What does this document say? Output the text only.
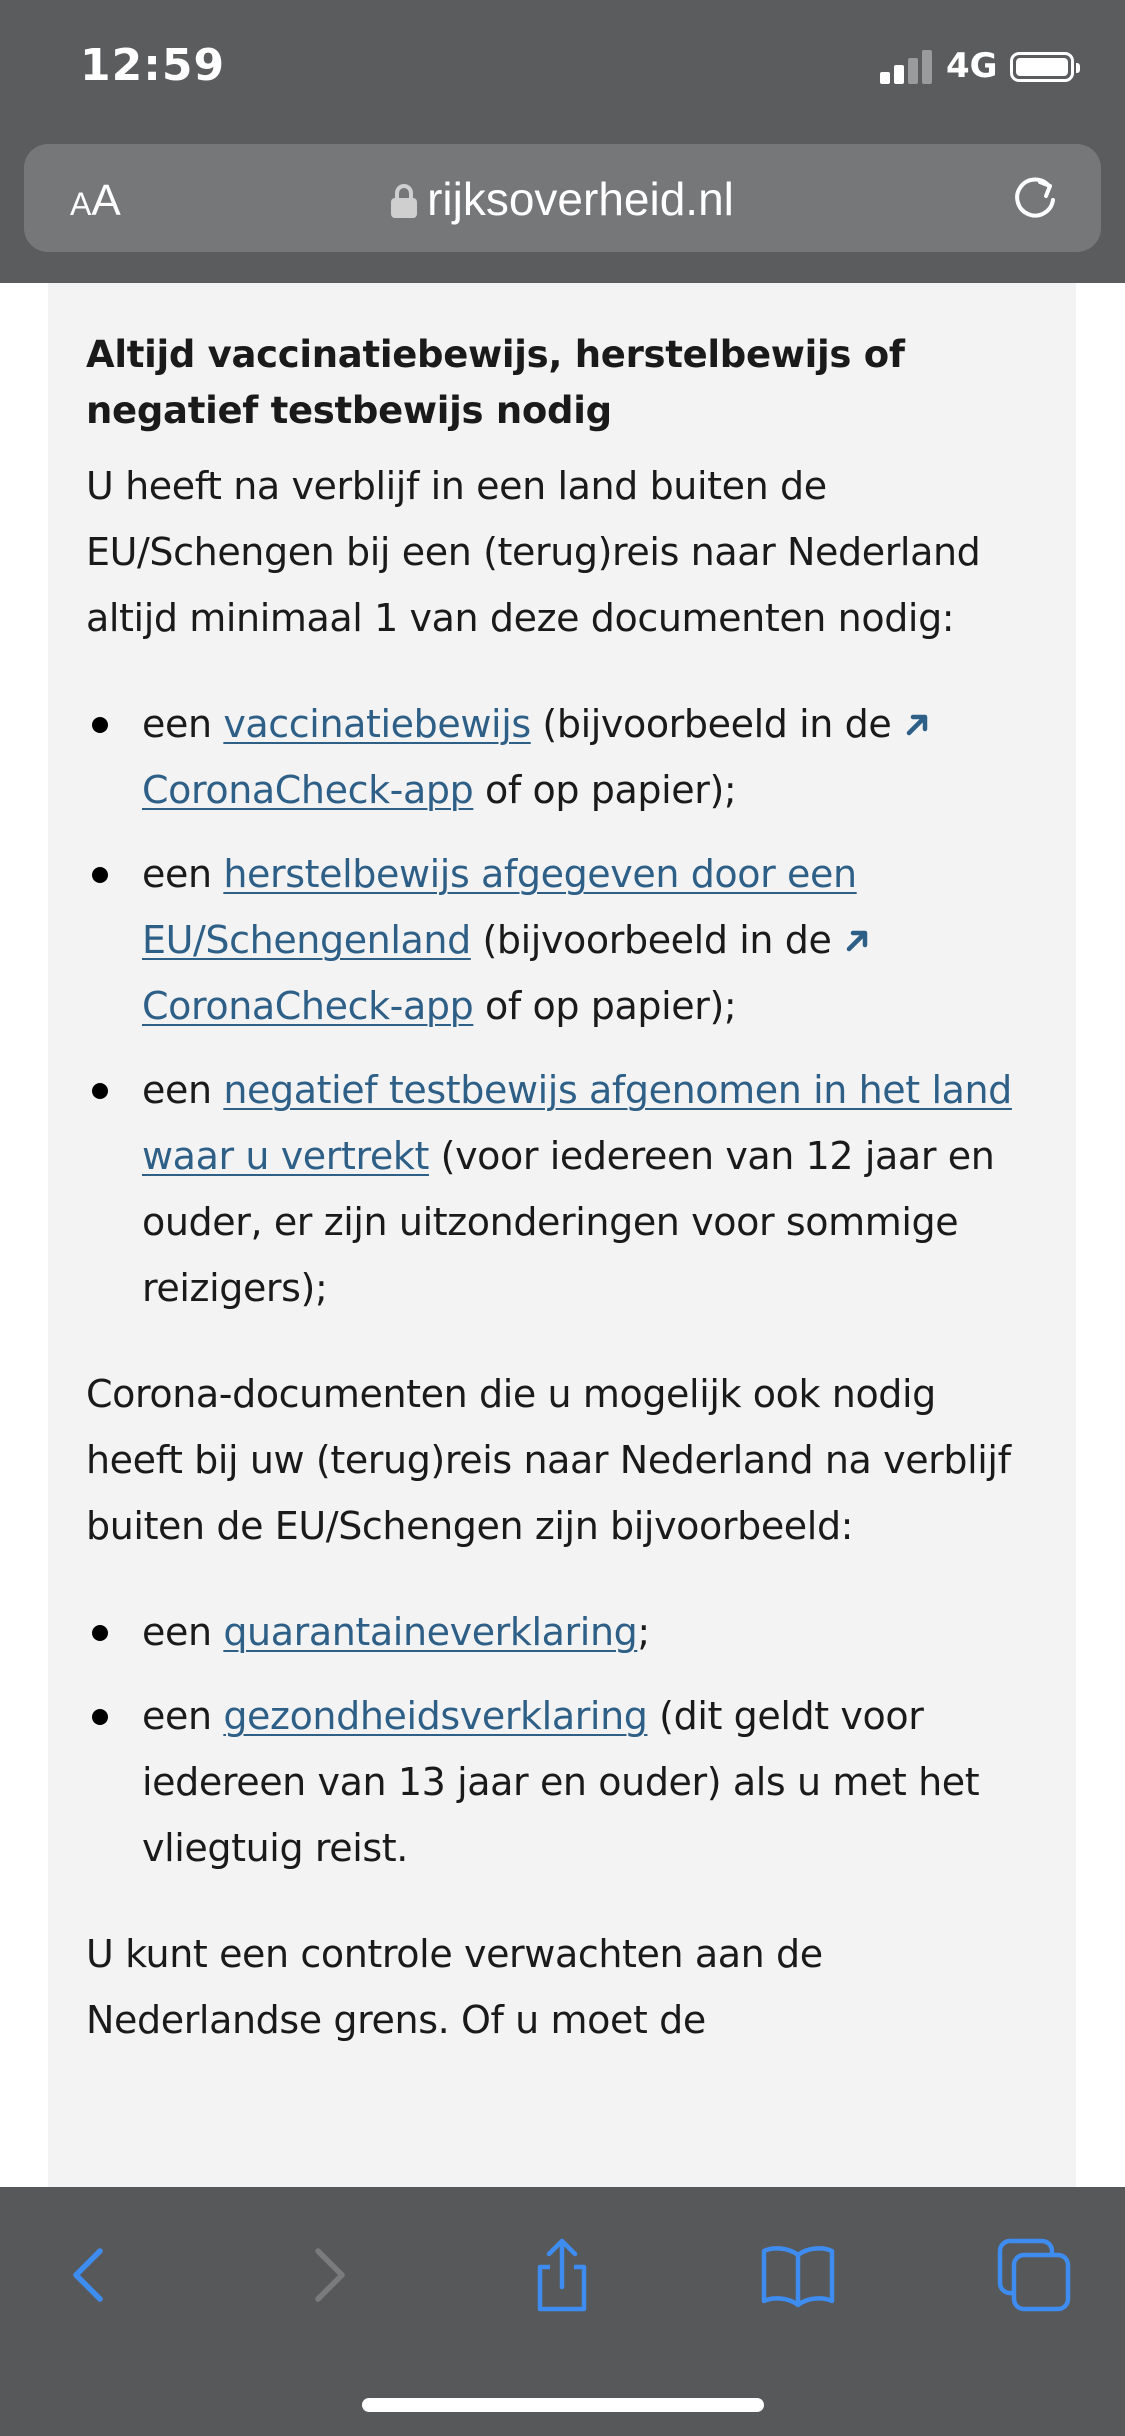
12:59	4G
AA	rijksoverheid.nl
Altijd vaccinatiebewijs, herstelbewijs of negatief testbewijs nodig

U heeft na verblijf in een land buiten de EU/Schengen bij een (terug)reis naar Nederland altijd minimaal 1 van deze documenten nodig:

een vaccinatiebewijs (bijvoorbeeld in de CoronaCheck-app of op papier);
een herstelbewijs afgegeven door een EU/Schengenland (bijvoorbeeld in de CoronaCheck-app of op papier);
een negatief testbewijs afgenomen in het land waar u vertrekt (voor iedereen van 12 jaar en ouder, er zijn uitzonderingen voor sommige reizigers);

Corona-documenten die u mogelijk ook nodig heeft bij uw (terug)reis naar Nederland na verblijf buiten de EU/Schengen zijn bijvoorbeeld:

een quarantaineverklaring;
een gezondheidsverklaring (dit geldt voor iedereen van 13 jaar en ouder) als u met het vliegtuig reist.

U kunt een controle verwachten aan de Nederlandse grens. Of u moet de
